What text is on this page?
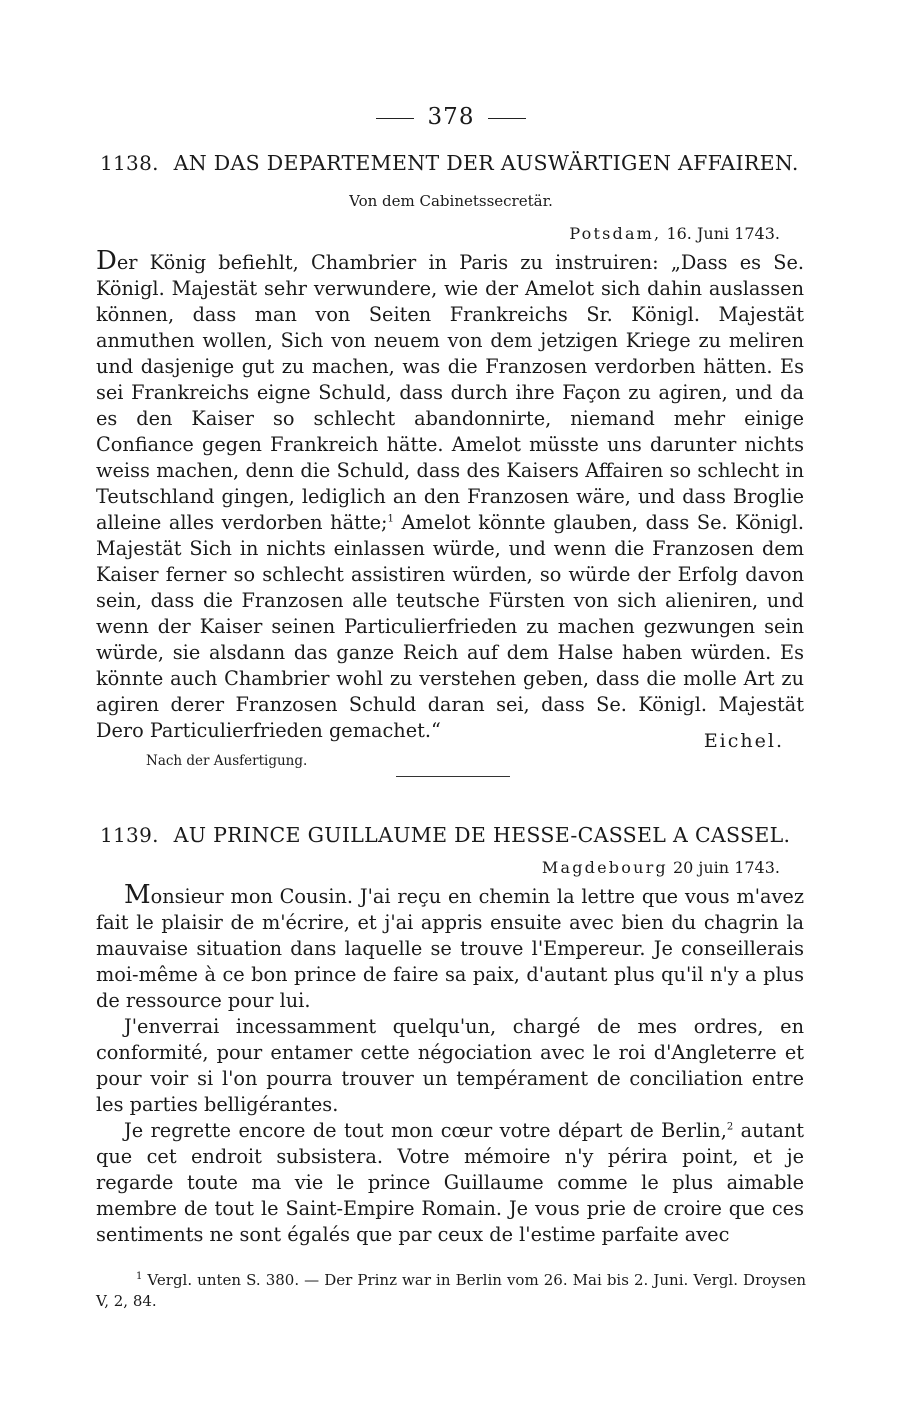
378
1138. AN DAS DEPARTEMENT DER AUSWÄRTIGEN AFFAIREN.
Von dem Cabinetssecretär.
Potsdam, 16. Juni 1743.

Der König befiehlt, Chambrier in Paris zu instruiren: „Dass es Se. Königl. Majestät sehr verwundere, wie der Amelot sich dahin auslassen können, dass man von Seiten Frankreichs Sr. Königl. Majestät anmuthen wollen, Sich von neuem von dem jetzigen Kriege zu meliren und dasjenige gut zu machen, was die Franzosen verdorben hätten. Es sei Frankreichs eigne Schuld, dass durch ihre Façon zu agiren, und da es den Kaiser so schlecht abandonnirte, niemand mehr einige Confiance gegen Frankreich hätte. Amelot müsste uns darunter nichts weiss machen, denn die Schuld, dass des Kaisers Affairen so schlecht in Teutschland gingen, lediglich an den Franzosen wäre, und dass Broglie alleine alles verdorben hätte;$^1$ Amelot könnte glauben, dass Se. Königl. Majestät Sich in nichts einlassen würde, und wenn die Franzosen dem Kaiser ferner so schlecht assistiren würden, so würde der Erfolg davon sein, dass die Franzosen alle teutsche Fürsten von sich alieniren, und wenn der Kaiser seinen Particulierfrieden zu machen gezwungen sein würde, sie alsdann das ganze Reich auf dem Halse haben würden. Es könnte auch Chambrier wohl zu verstehen geben, dass die molle Art zu agiren derer Franzosen Schuld daran sei, dass Se. Königl. Majestät Dero Particulierfrieden gemachet.“	Eichel.
Nach der Ausfertigung.
1139. AU PRINCE GUILLAUME DE HESSE-CASSEL A CASSEL.
Magdebourg 20 juin 1743.

Monsieur mon Cousin. J'ai reçu en chemin la lettre que vous m'avez fait le plaisir de m'écrire, et j'ai appris ensuite avec bien du chagrin la mauvaise situation dans laquelle se trouve l'Empereur. Je conseillerais moi-même à ce bon prince de faire sa paix, d'autant plus qu'il n'y a plus de ressource pour lui.

J'enverrai incessamment quelqu'un, chargé de mes ordres, en conformité, pour entamer cette négociation avec le roi d'Angleterre et pour voir si l'on pourra trouver un tempérament de conciliation entre les parties belligérantes.

Je regrette encore de tout mon cœur votre départ de Berlin,$^2$ autant que cet endroit subsistera. Votre mémoire n'y périra point, et je regarde toute ma vie le prince Guillaume comme le plus aimable membre de tout le Saint-Empire Romain. Je vous prie de croire que ces sentiments ne sont égalés que par ceux de l'estime parfaite avec

$^1$ Vergl. unten S. 380. — Der Prinz war in Berlin vom 26. Mai bis 2. Juni. Vergl. Droysen V, 2, 84.
